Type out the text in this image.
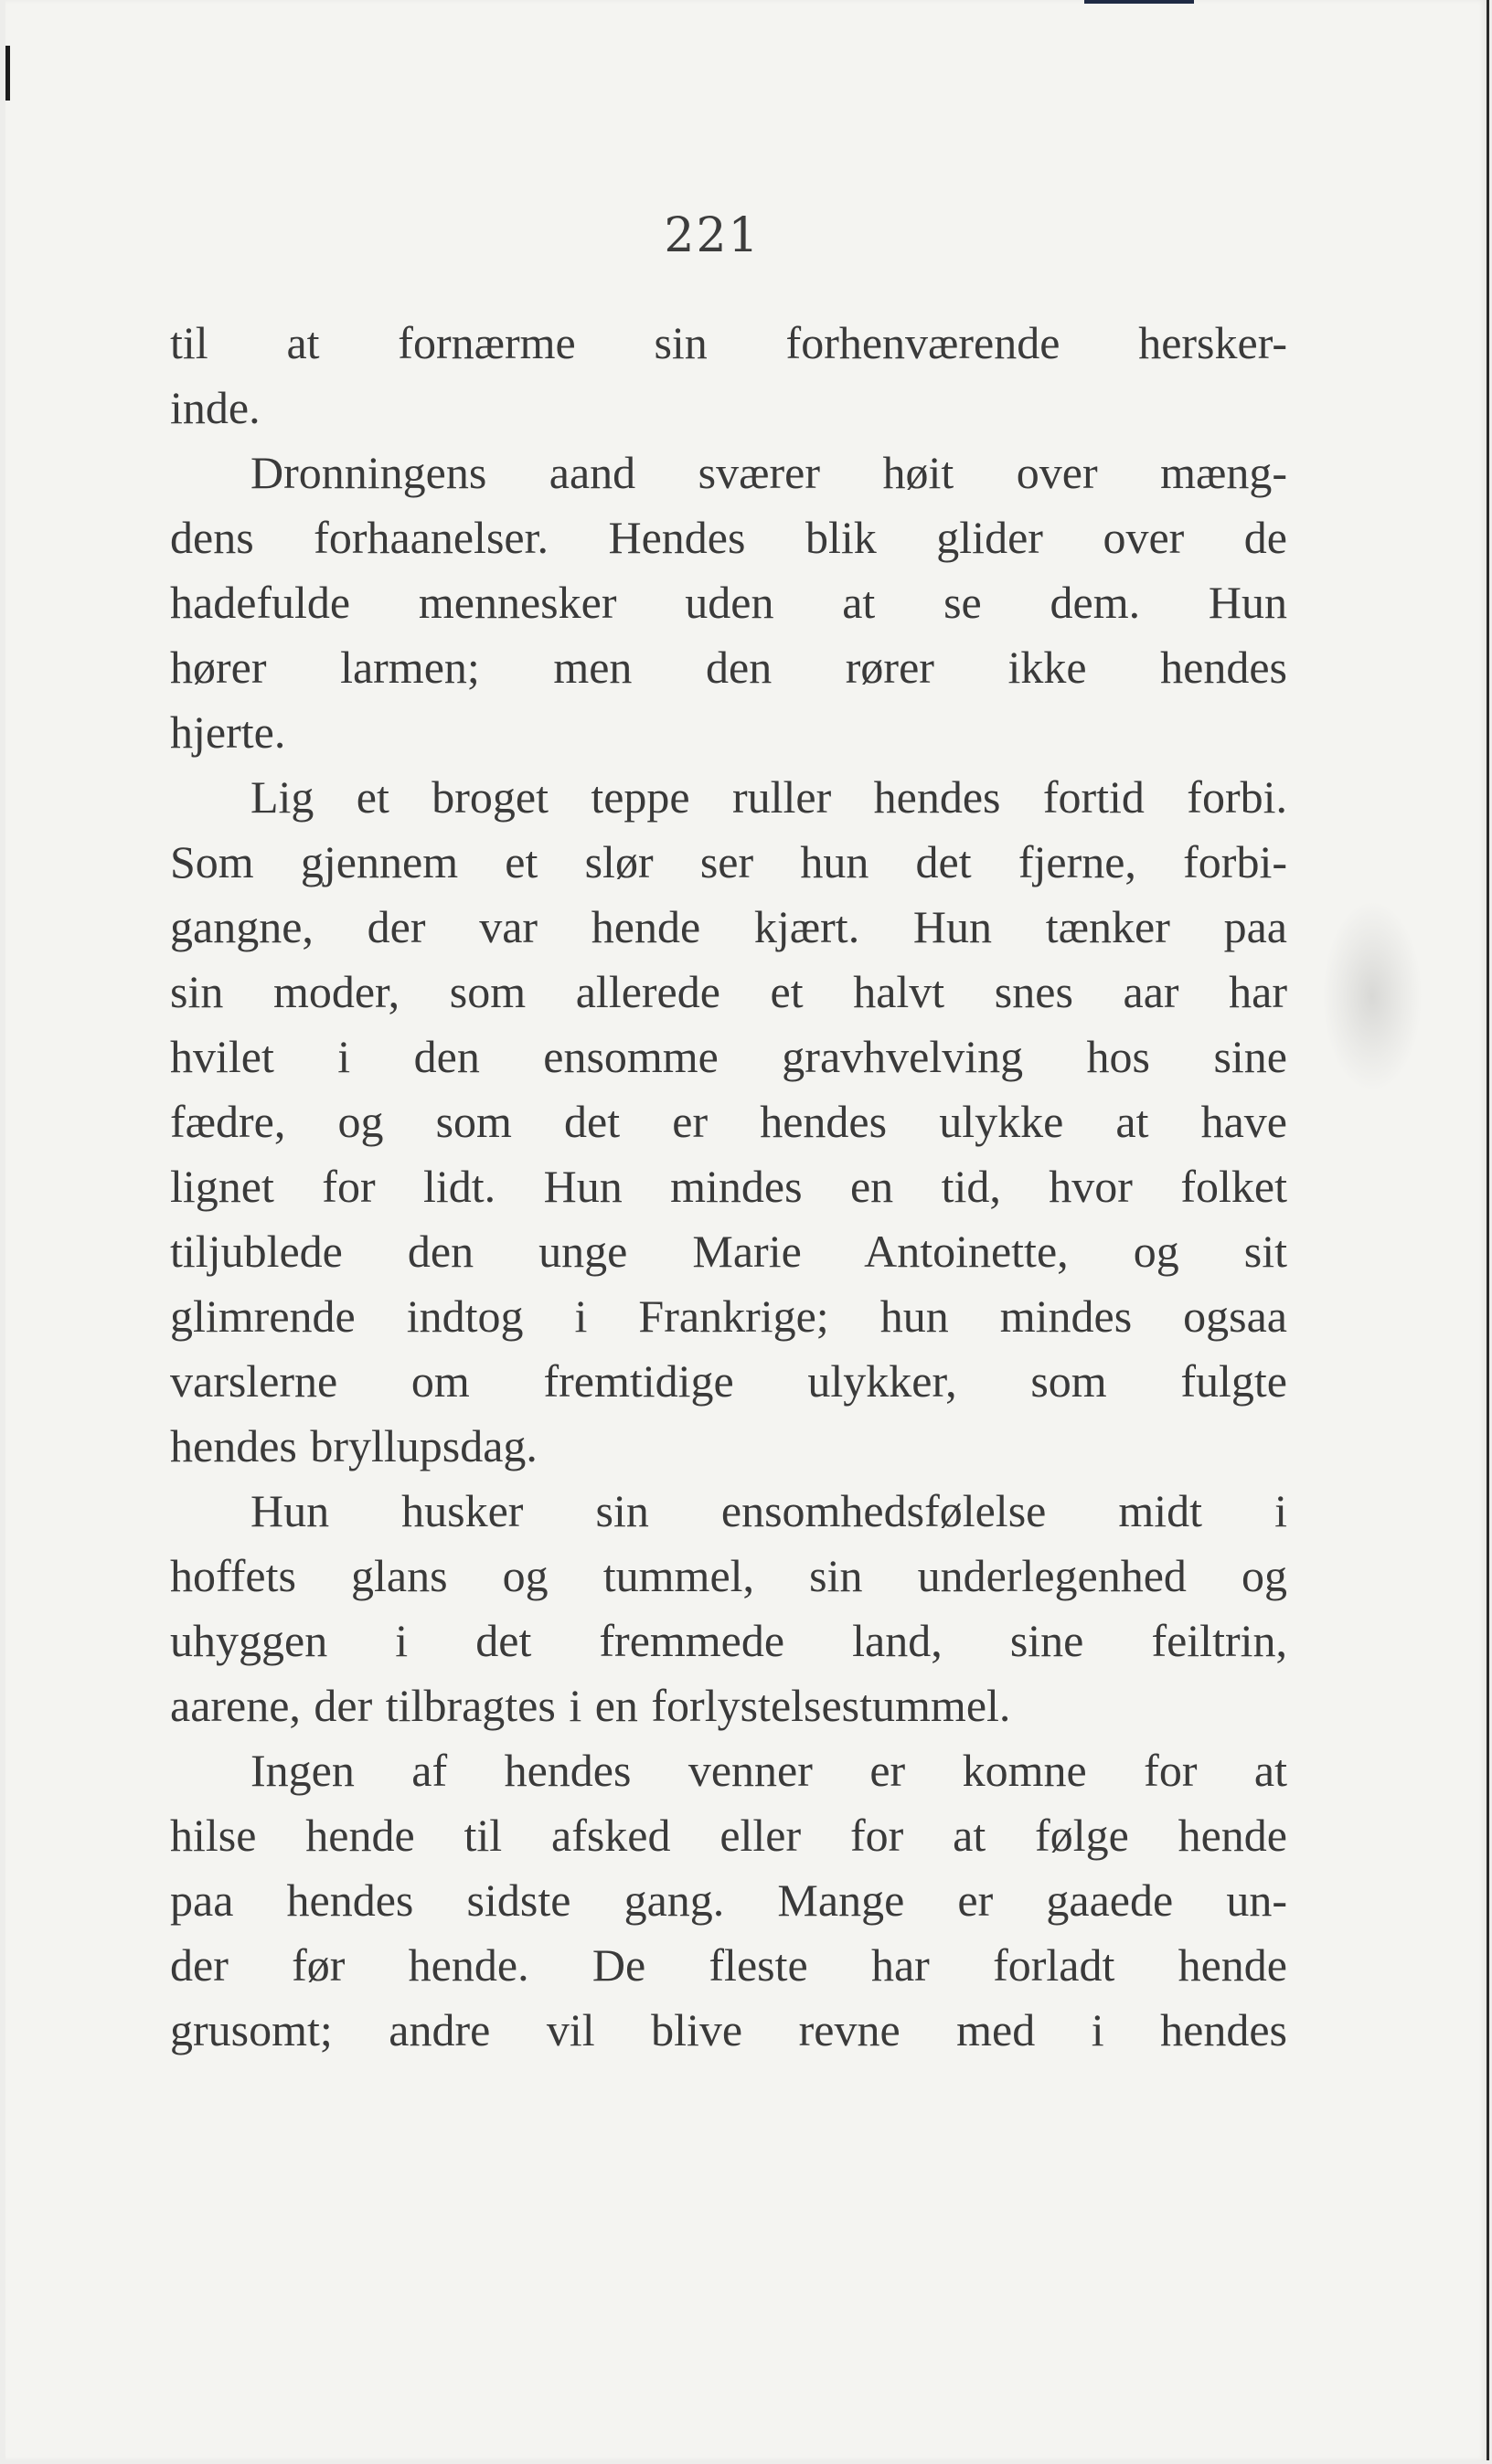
221
til at fornærme sin forhenværende hersker-
inde.
Dronningens aand sværer høit over mæng-
dens forhaanelser. Hendes blik glider over de
hadefulde mennesker uden at se dem. Hun
hører larmen; men den rører ikke hendes
hjerte.
Lig et broget teppe ruller hendes fortid forbi.
Som gjennem et slør ser hun det fjerne, forbi-
gangne, der var hende kjært. Hun tænker paa
sin moder, som allerede et halvt snes aar har
hvilet i den ensomme gravhvelving hos sine
fædre, og som det er hendes ulykke at have
lignet for lidt. Hun mindes en tid, hvor folket
tiljublede den unge Marie Antoinette, og sit
glimrende indtog i Frankrige; hun mindes ogsaa
varslerne om fremtidige ulykker, som fulgte
hendes bryllupsdag.
Hun husker sin ensomhedsfølelse midt i
hoffets glans og tummel, sin underlegenhed og
uhyggen i det fremmede land, sine feiltrin,
aarene, der tilbragtes i en forlystelsestummel.
Ingen af hendes venner er komne for at
hilse hende til afsked eller for at følge hende
paa hendes sidste gang. Mange er gaaede un-
der før hende. De fleste har forladt hende
grusomt; andre vil blive revne med i hendes
